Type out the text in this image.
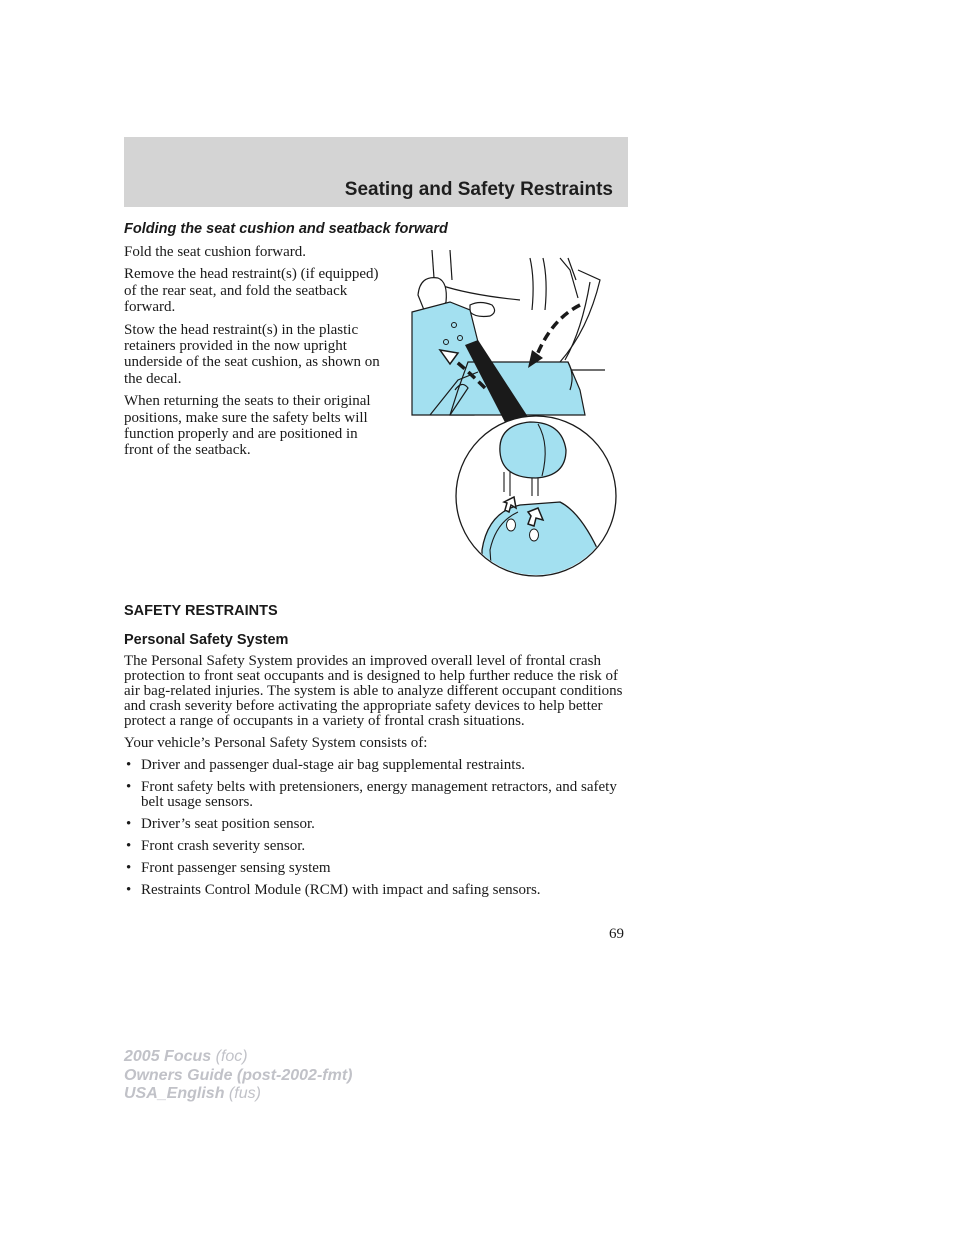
Seating and Safety Restraints
Folding the seat cushion and seatback forward

Fold the seat cushion forward.

Remove the head restraint(s) (if equipped) of the rear seat, and fold the seatback forward.

Stow the head restraint(s) in the plastic retainers provided in the now upright underside of the seat cushion, as shown on the decal.

When returning the seats to their original positions, make sure the safety belts will function properly and are positioned in front of the seatback.

SAFETY RESTRAINTS
Personal Safety System

The Personal Safety System provides an improved overall level of frontal crash protection to front seat occupants and is designed to help further reduce the risk of air bag-related injuries. The system is able to analyze different occupant conditions and crash severity before activating the appropriate safety devices to help better protect a range of occupants in a variety of frontal crash situations.

Your vehicle’s Personal Safety System consists of:

• Driver and passenger dual-stage air bag supplemental restraints.
• Front safety belts with pretensioners, energy management retractors, and safety belt usage sensors.
• Driver’s seat position sensor.
• Front crash severity sensor.
• Front passenger sensing system
• Restraints Control Module (RCM) with impact and safing sensors.
69
2005 Focus (foc)
Owners Guide (post-2002-fmt)
USA_English (fus)
